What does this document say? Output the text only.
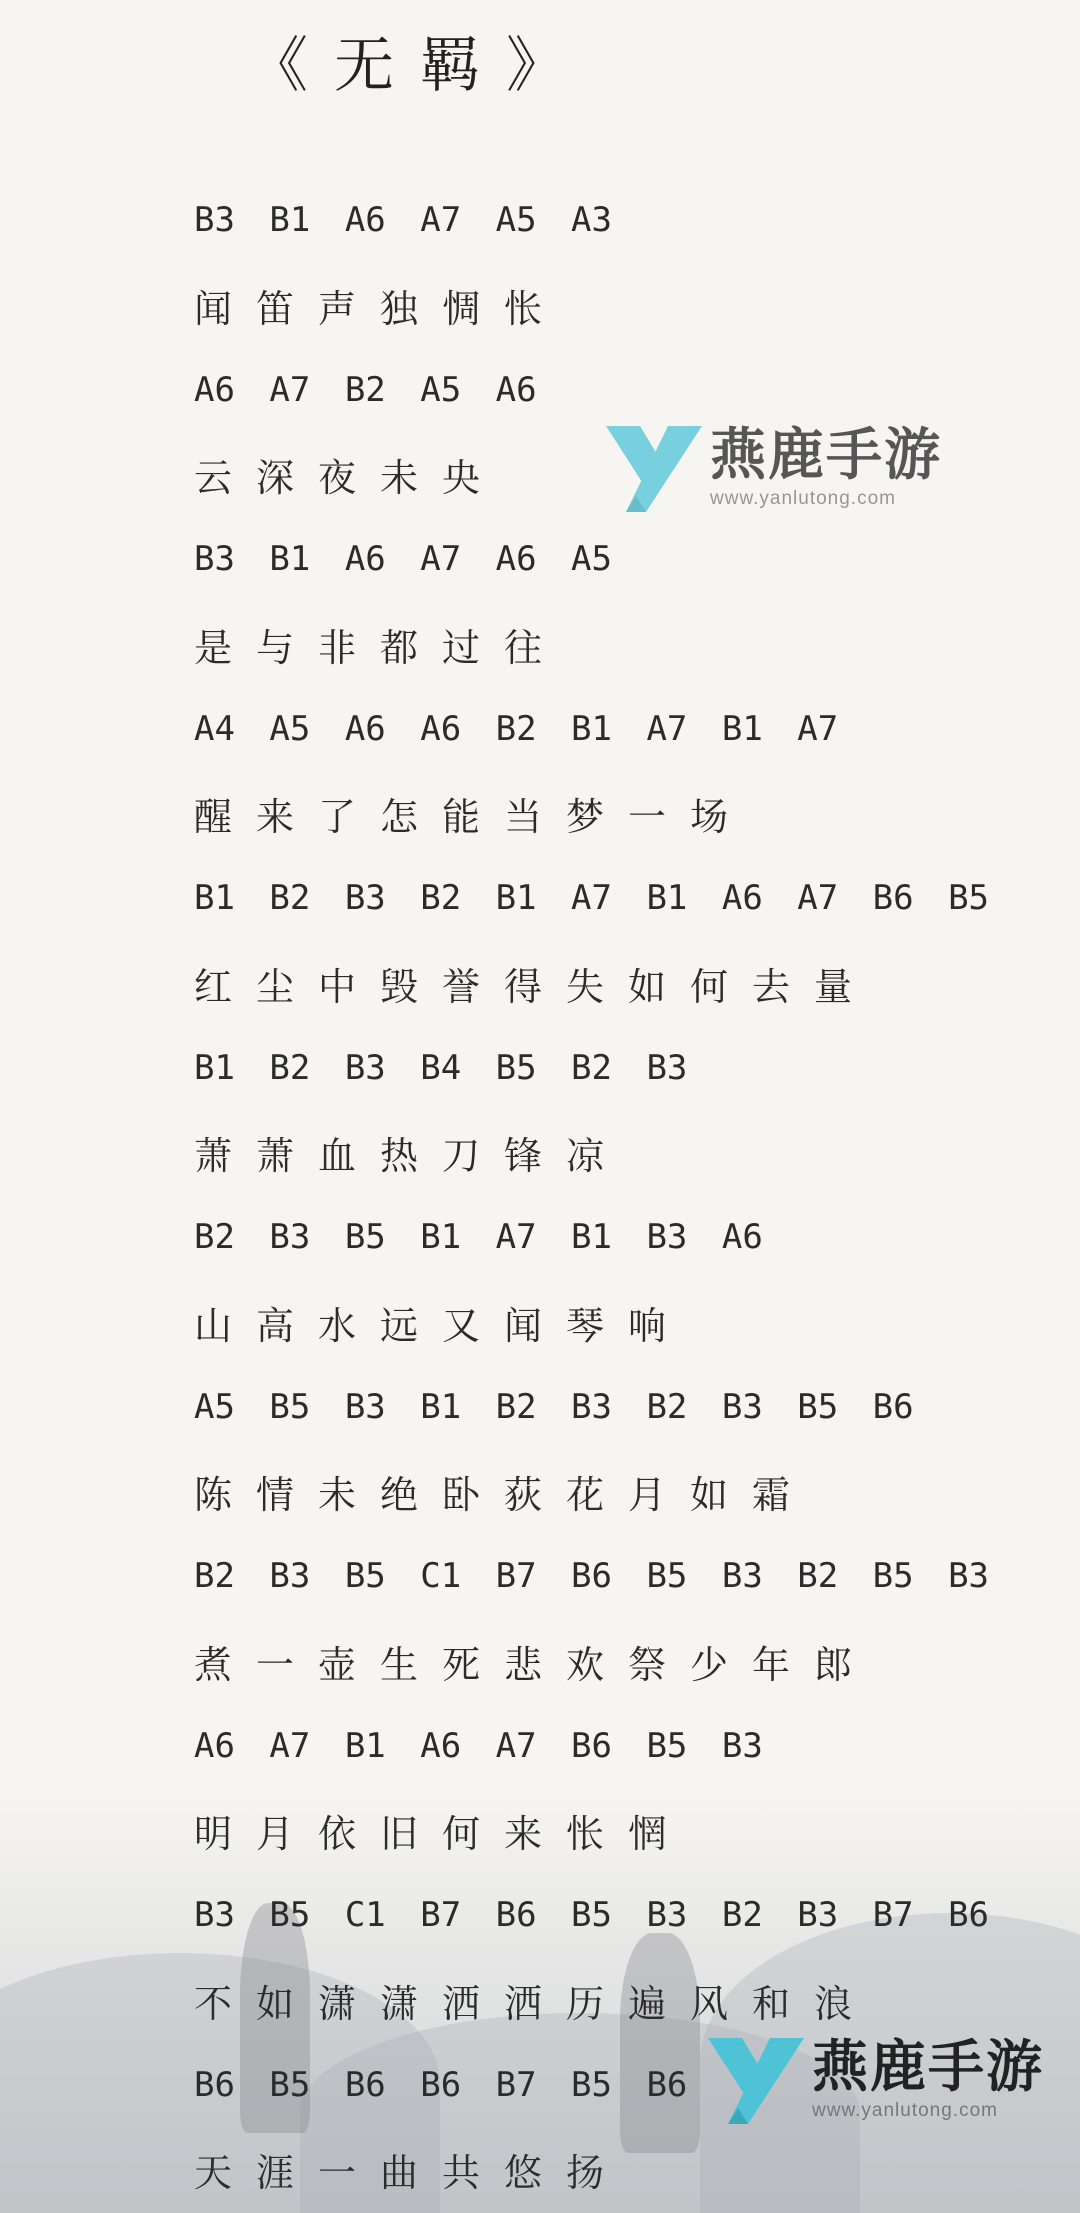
《无羁》
B3 B1 A6 A7 A5 A3
闻笛声独惆怅
A6 A7 B2 A5 A6
云深夜未央
B3 B1 A6 A7 A6 A5
是与非都过往
A4 A5 A6 A6 B2 B1 A7 B1 A7
醒来了怎能当梦一场
B1 B2 B3 B2 B1 A7 B1 A6 A7 B6 B5
红尘中毁誉得失如何去量
B1 B2 B3 B4 B5 B2 B3
萧萧血热刀锋凉
B2 B3 B5 B1 A7 B1 B3 A6
山高水远又闻琴响
A5 B5 B3 B1 B2 B3 B2 B3 B5 B6
陈情未绝卧荻花月如霜
B2 B3 B5 C1 B7 B6 B5 B3 B2 B5 B3
煮一壶生死悲欢祭少年郎
A6 A7 B1 A6 A7 B6 B5 B3
明月依旧何来怅惘
B3 B5 C1 B7 B6 B5 B3 B2 B3 B7 B6
不如潇潇洒洒历遍风和浪
B6 B5 B6 B6 B7 B5 B6
天涯一曲共悠扬
燕鹿手游
www.yanlutong.com
燕鹿手游
www.yanlutong.com
